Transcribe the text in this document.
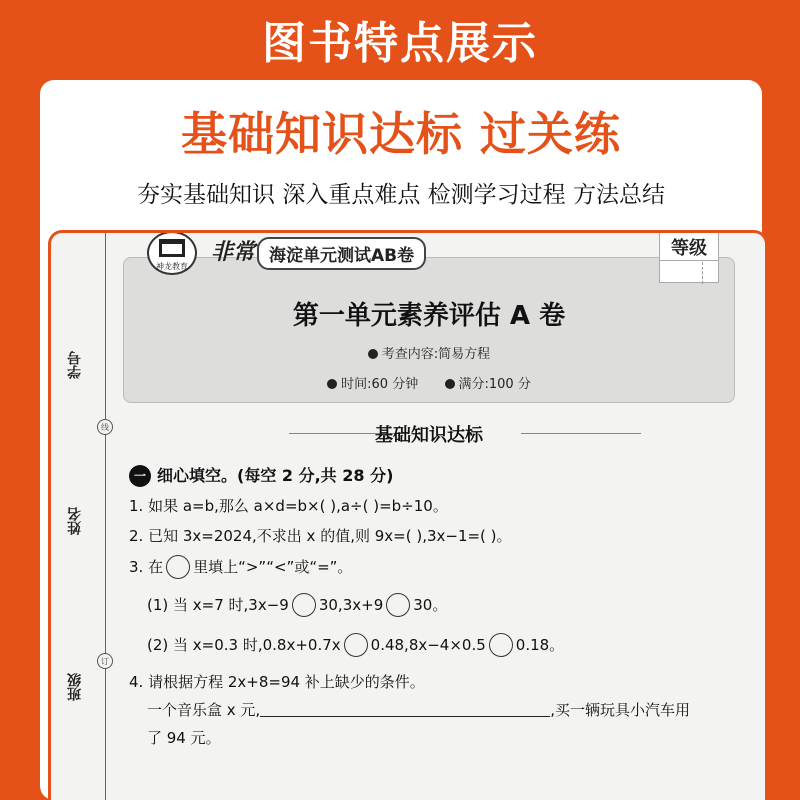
图书特点展示
基础知识达标 过关练
夯实基础知识 深入重点难点 检测学习过程 方法总结
学号
姓名
班级
线
订
神龙教育
非常 海淀单元测试AB卷	等级
第一单元素养评估 A 卷
考查内容:简易方程
时间:60 分钟	满分:100 分
基础知识达标
一 细心填空。(每空 2 分,共 28 分)
1. 如果 a=b,那么 a×d=b×( ),a÷( )=b÷10。
2. 已知 3x=2024,不求出 x 的值,则 9x=( ),3x−1=( )。
3. 在 里填上“>”“<”或“=”。
(1) 当 x=7 时,3x−9 30,3x+9 30。
(2) 当 x=0.3 时,0.8x+0.7x 0.48,8x−4×0.5 0.18。
4. 请根据方程 2x+8=94 补上缺少的条件。
一个音乐盒 x 元,	,买一辆玩具小汽车用
了 94 元。
